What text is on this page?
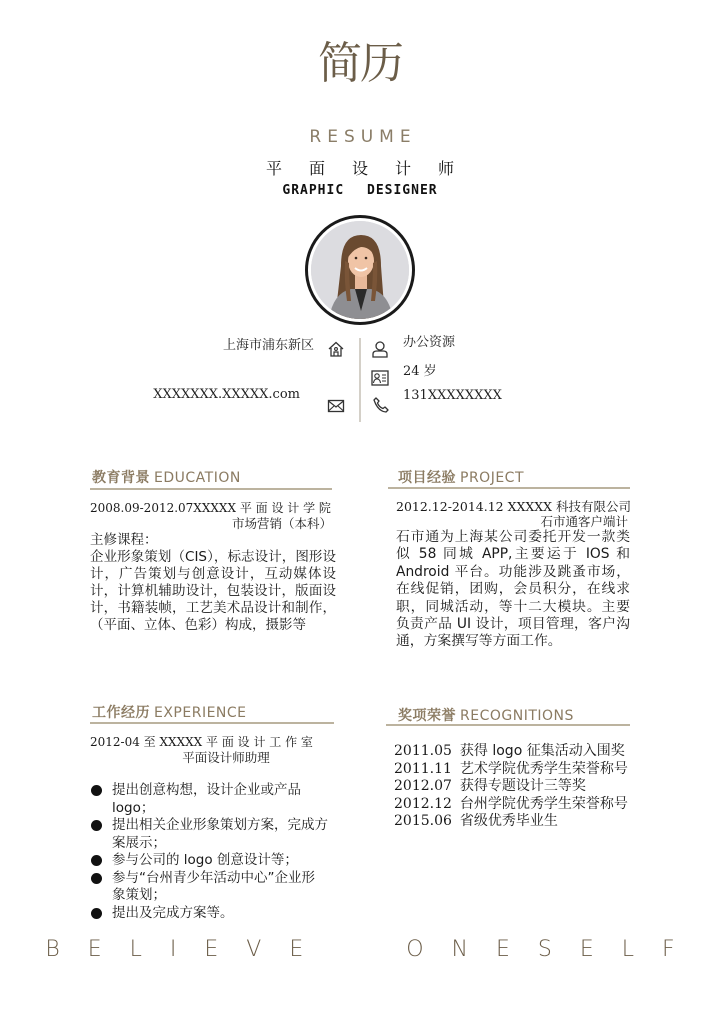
简历
RESUME
平面设计师
GRAPHIC DESIGNER
上海市浦东新区
XXXXXXX.XXXXX.com
办公资源
24 岁
131XXXXXXXX
教育背景 EDUCATION
2008.09-2012.07XXXXX 平 面 设 计 学 院
市场营销（本科）
主修课程：
企业形象策划（CIS），标志设计，图形设计，广告策划与创意设计，互动媒体设计，计算机辅助设计，包装设计，版面设计，书籍装帧，工艺美术品设计和制作，（平面、立体、色彩）构成，摄影等
项目经验 PROJECT
2012.12-2014.12 XXXXX 科技有限公司
石市通客户端计
石市通为上海某公司委托开发一款类似 58 同城 APP,主要运于 IOS 和 Android 平台。功能涉及跳蚤市场，在线促销，团购，会员积分，在线求职，同城活动，等十二大模块。主要负责产品 UI 设计，项目管理，客户沟通，方案撰写等方面工作。
工作经历 EXPERIENCE
2012-04 至 XXXXX 平 面 设 计 工 作 室
平面设计师助理
提出创意构想，设计企业或产品 logo；
提出相关企业形象策划方案，完成方案展示；
参与公司的 logo 创意设计等；
参与“台州青少年活动中心”企业形象策划；
提出及完成方案等。
奖项荣誉 RECOGNITIONS
2011.05 获得 logo 征集活动入围奖
2011.11 艺术学院优秀学生荣誉称号
2012.07 获得专题设计三等奖
2012.12 台州学院优秀学生荣誉称号
2015.06 省级优秀毕业生
BELIEVE ONESELF
